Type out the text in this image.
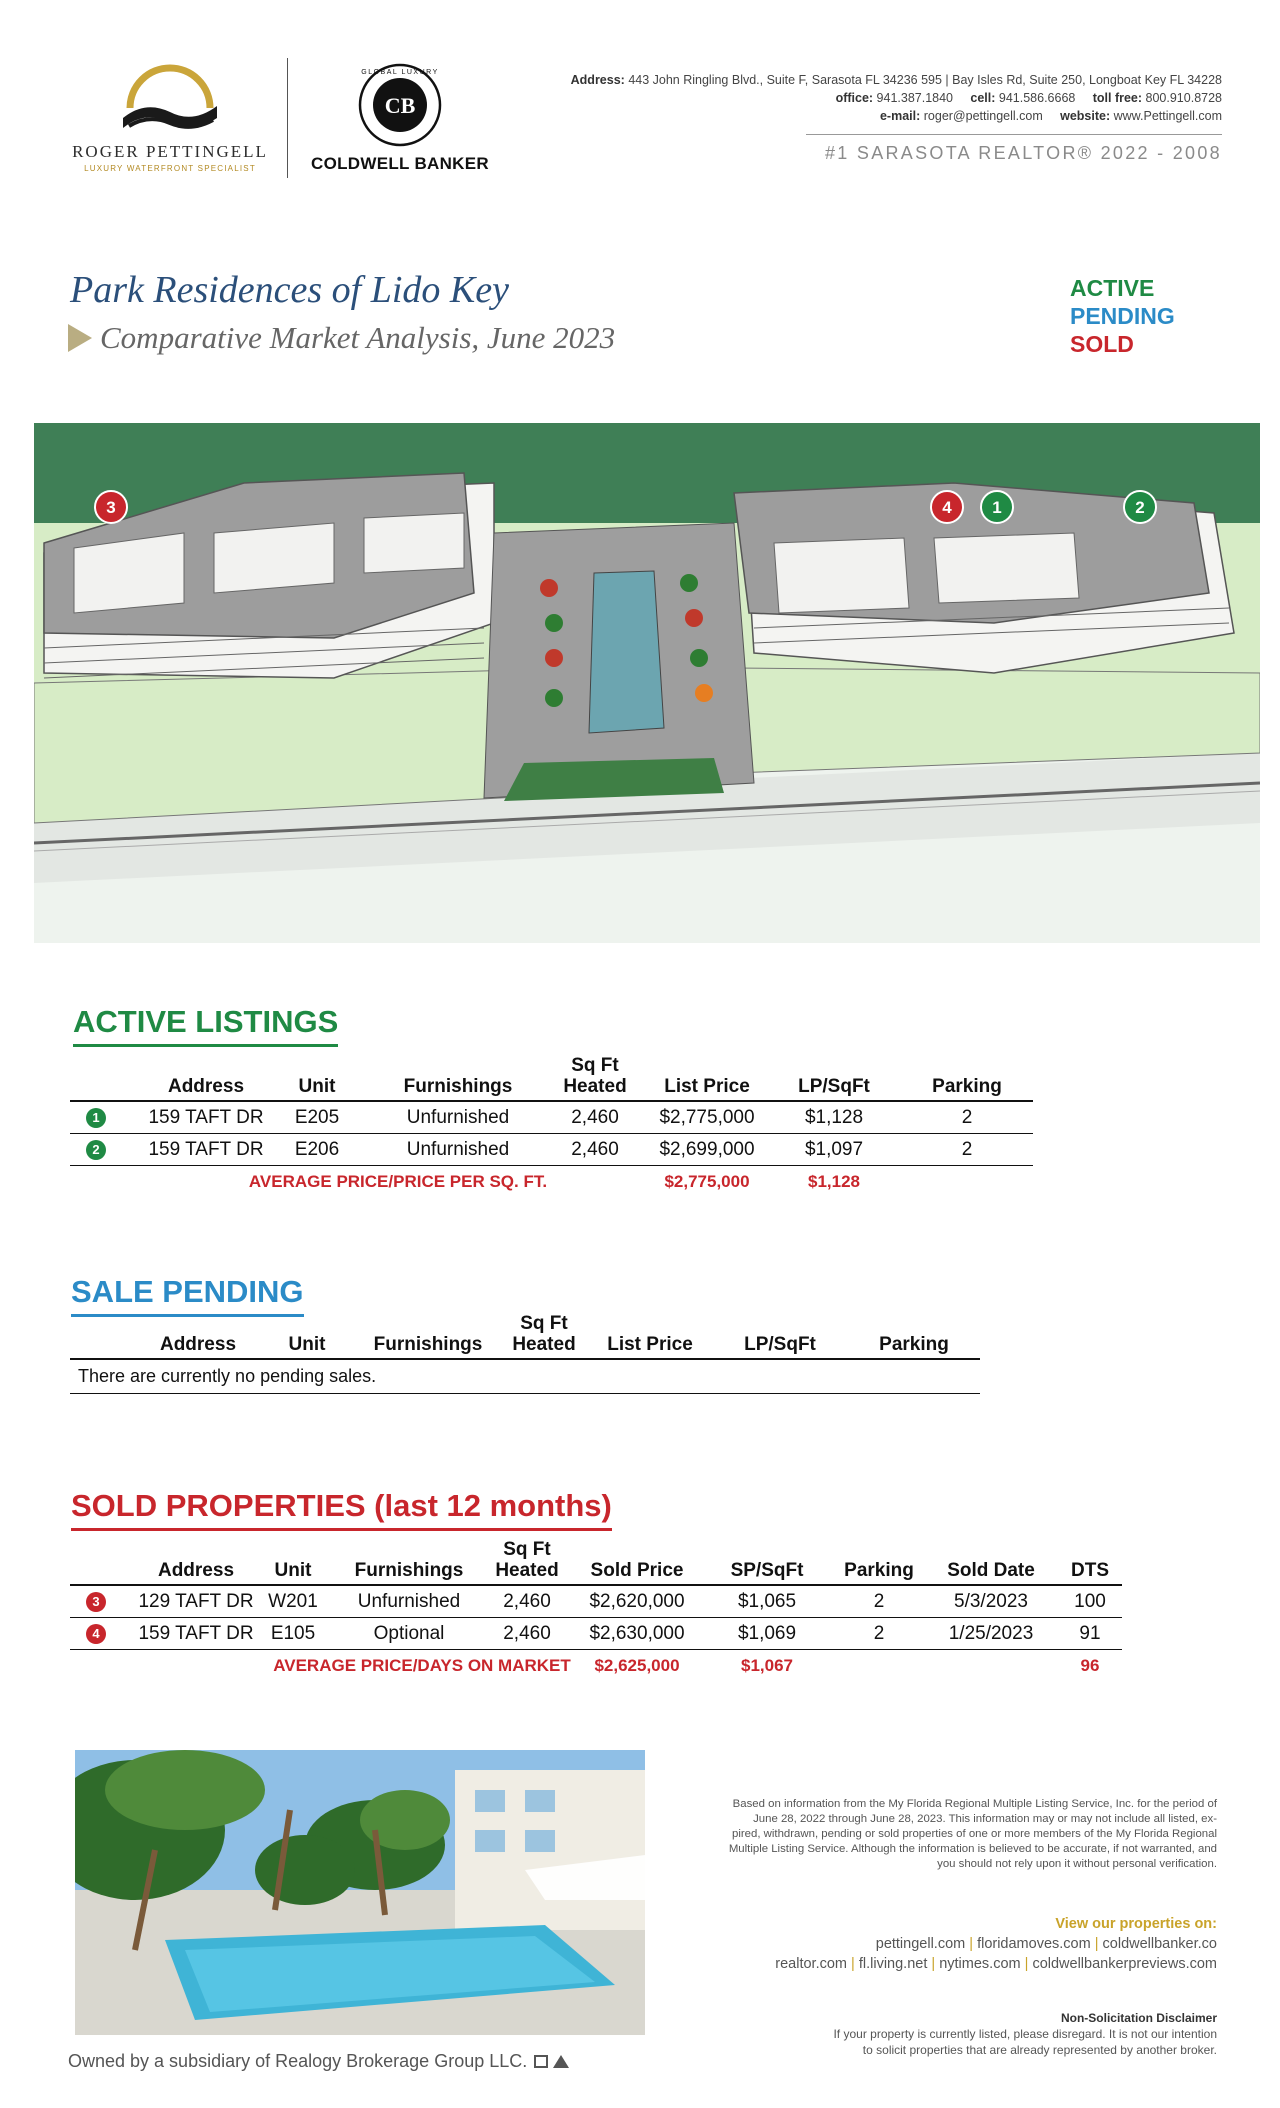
ROGER PETTINGELL
LUXURY WATERFRONT SPECIALIST
CB
GLOBAL LUXURY
COLDWELL BANKER
Address: 443 John Ringling Blvd., Suite F, Sarasota FL 34236 595 | Bay Isles Rd, Suite 250, Longboat Key FL 34228
office: 941.387.1840 cell: 941.586.6668 toll free: 800.910.8728
e-mail: roger@pettingell.com website: www.Pettingell.com
#1 SARASOTA REALTOR® 2022 - 2008
Park Residences of Lido Key
Comparative Market Analysis, June 2023
ACTIVE
PENDING
SOLD
3	4 1	2
ACTIVE LISTINGS
Address	Unit	Furnishings
Sq Ft
Heated List Price	LP/SqFt	Parking
1	159 TAFT DR E205	Unfurnished	2,460 $2,775,000	$1,128	2
2	159 TAFT DR E206	Unfurnished	2,460 $2,699,000	$1,097	2
AVERAGE PRICE/PRICE PER SQ. FT.	$2,775,000	$1,128
SALE PENDING
Address	Unit	Furnishings
Sq Ft
Heated List Price	LP/SqFt	Parking
There are currently no pending sales.
SOLD PROPERTIES (last 12 months)
Address Unit Furnishings
Sq Ft
Heated Sold Price SP/SqFt Parking Sold Date DTS
3	129 TAFT DR W201 Unfurnished 2,460 $2,620,000	$1,065	2	5/3/2023 100
4	159 TAFT DR E105	Optional	2,460 $2,630,000	$1,069	2	1/25/2023 91
AVERAGE PRICE/DAYS ON MARKET $2,625,000	$1,067	96
Owned by a subsidiary of Realogy Brokerage Group LLC.
Based on information from the My Florida Regional Multiple Listing Service, Inc. for the period of
June 28, 2022 through June 28, 2023. This information may or may not include all listed, ex-
pired, withdrawn, pending or sold properties of one or more members of the My Florida Regional
Multiple Listing Service. Although the information is believed to be accurate, if not warranted, and
you should not rely upon it without personal verification.
View our properties on:
pettingell.com | floridamoves.com | coldwellbanker.co
realtor.com | fl.living.net | nytimes.com | coldwellbankerpreviews.com
Non-Solicitation Disclaimer
If your property is currently listed, please disregard. It is not our intention
to solicit properties that are already represented by another broker.
